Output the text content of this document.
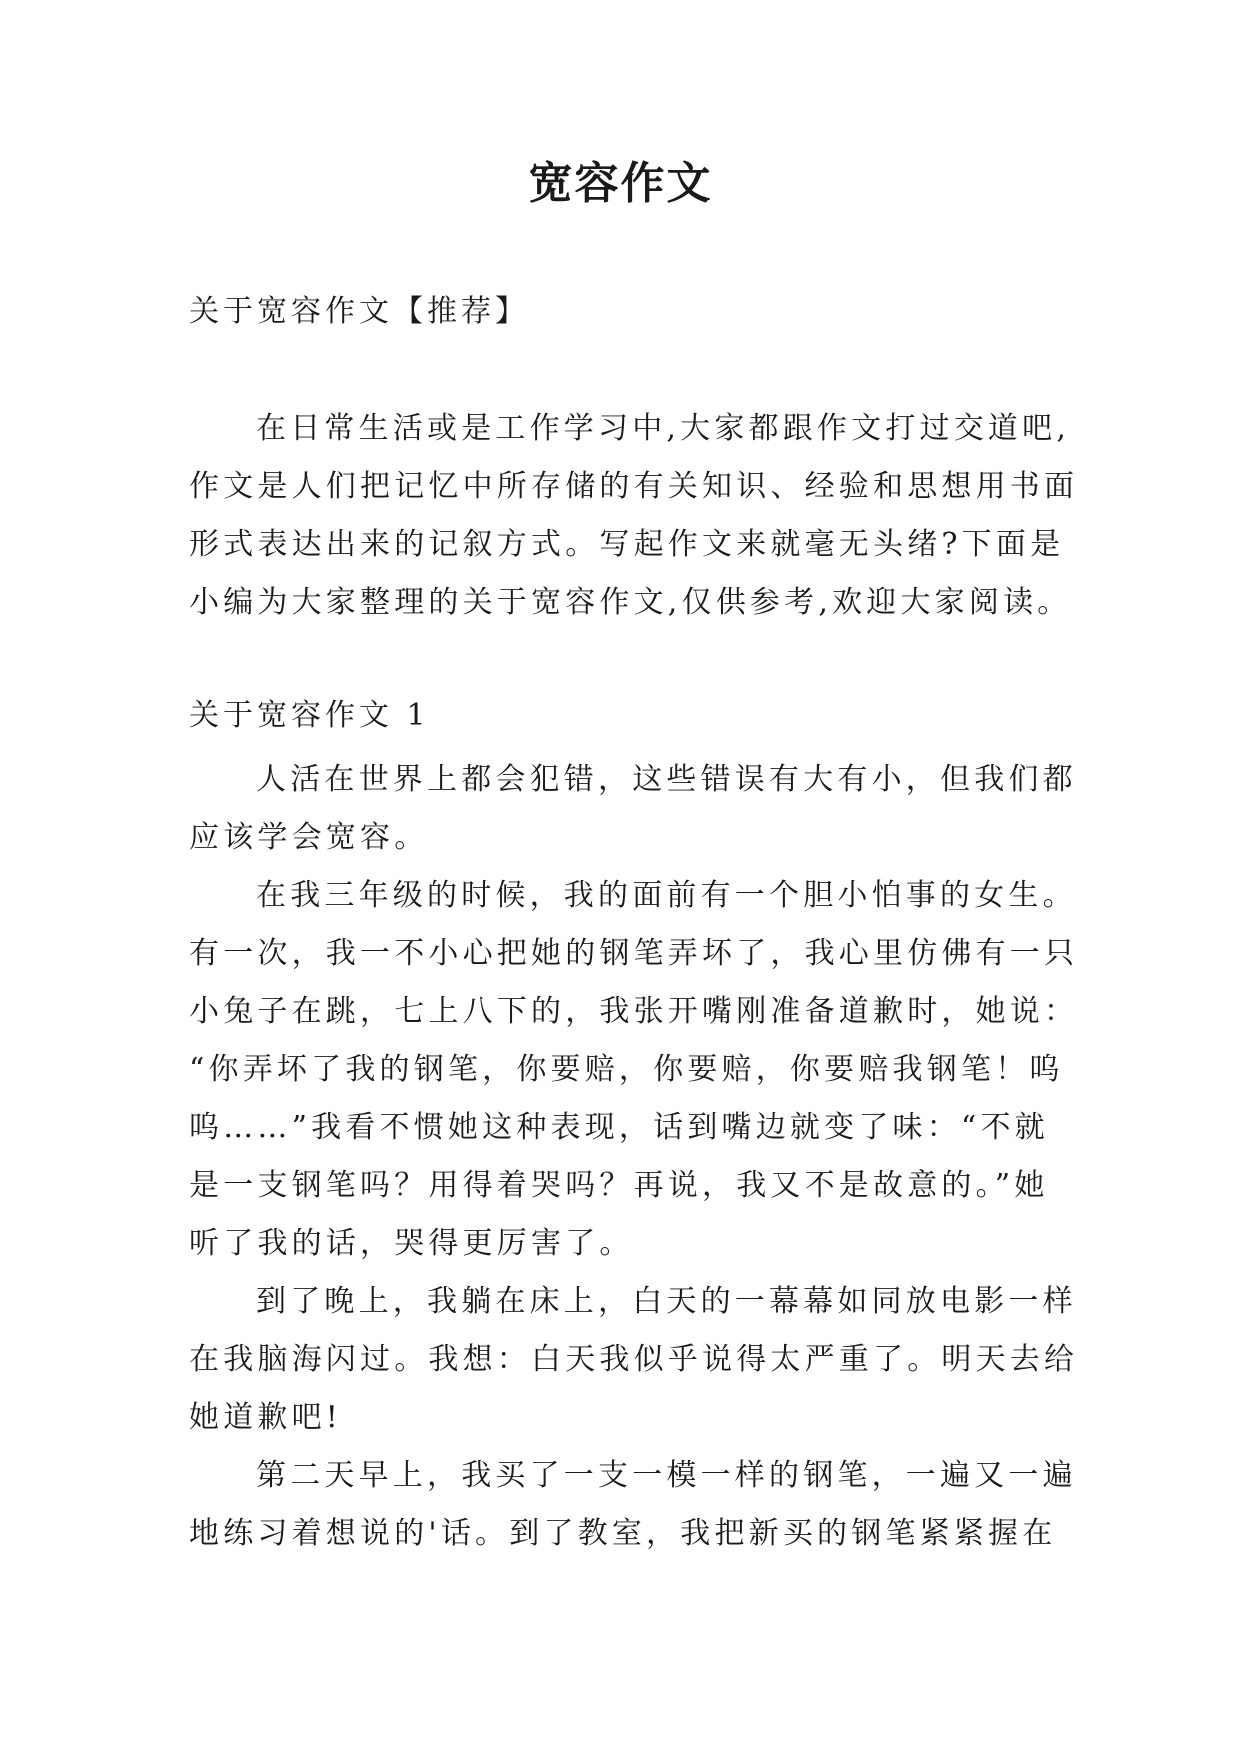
宽容作文
关于宽容作文【推荐】
在日常生活或是工作学习中,大家都跟作文打过交道吧,
作文是人们把记忆中所存储的有关知识、经验和思想用书面
形式表达出来的记叙方式。写起作文来就毫无头绪?下面是
小编为大家整理的关于宽容作文,仅供参考,欢迎大家阅读。
关于宽容作文 1
人活在世界上都会犯错，这些错误有大有小，但我们都
应该学会宽容。
在我三年级的时候，我的面前有一个胆小怕事的女生。
有一次，我一不小心把她的钢笔弄坏了，我心里仿佛有一只
小兔子在跳，七上八下的，我张开嘴刚准备道歉时，她说：
“你弄坏了我的钢笔，你要赔，你要赔，你要赔我钢笔！呜
呜……”我看不惯她这种表现，话到嘴边就变了味：“不就
是一支钢笔吗？用得着哭吗？再说，我又不是故意的。”她
听了我的话，哭得更厉害了。
到了晚上，我躺在床上，白天的一幕幕如同放电影一样
在我脑海闪过。我想：白天我似乎说得太严重了。明天去给
她道歉吧!
第二天早上，我买了一支一模一样的钢笔，一遍又一遍
地练习着想说的'话。到了教室，我把新买的钢笔紧紧握在
